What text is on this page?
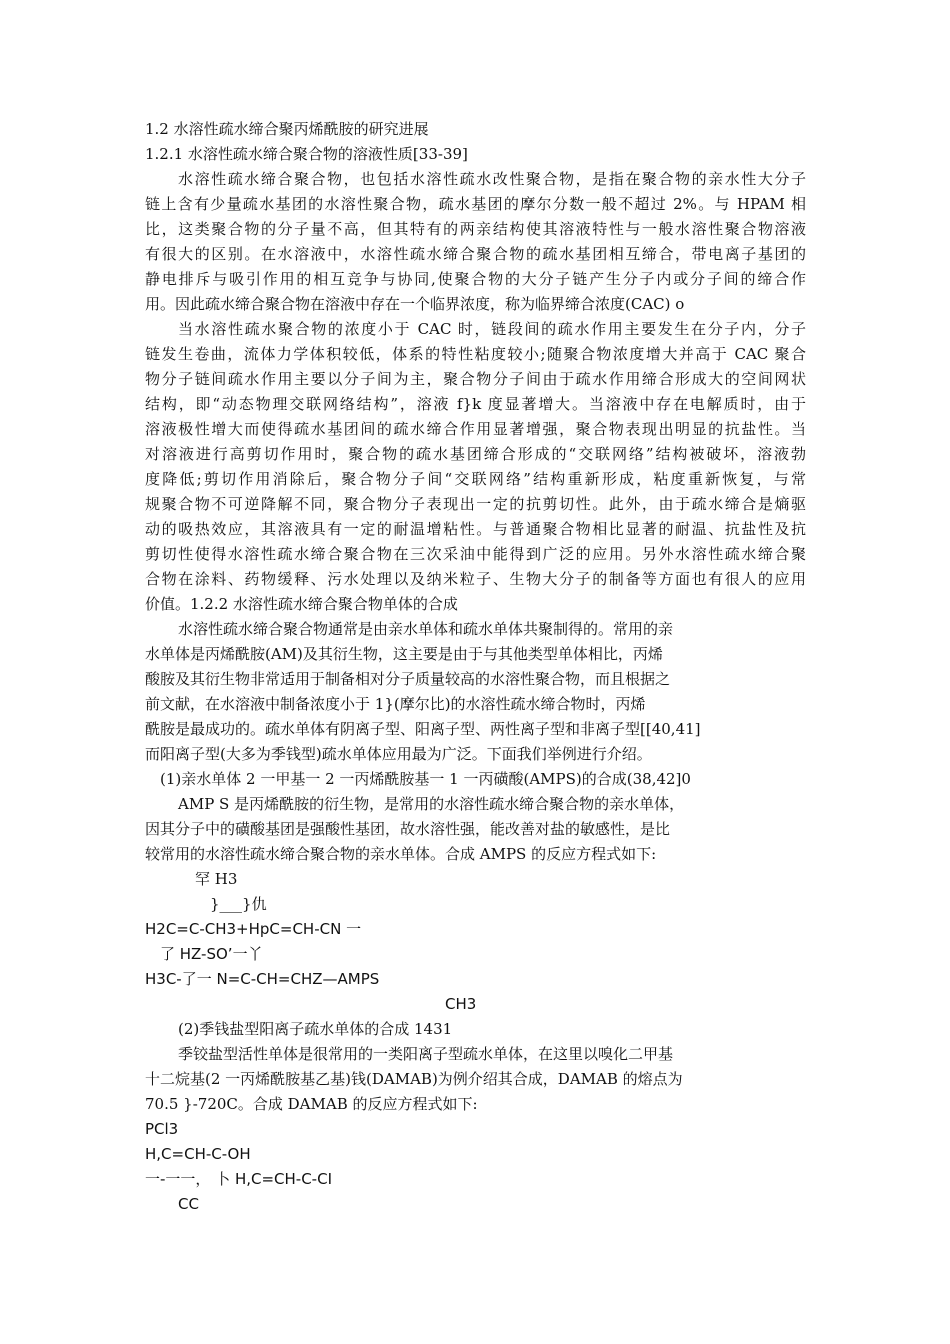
1.2 水溶性疏水缔合聚丙烯酰胺的研究进展
1.2.1 水溶性疏水缔合聚合物的溶液性质[33-39]
水溶性疏水缔合聚合物，也包括水溶性疏水改性聚合物，是指在聚合物的亲水性大分子
链上含有少量疏水基团的水溶性聚合物，疏水基团的摩尔分数一般不超过 2%。与 HPAM 相
比，这类聚合物的分子量不高，但其特有的两亲结构使其溶液特性与一般水溶性聚合物溶液
有很大的区别。在水溶液中，水溶性疏水缔合聚合物的疏水基团相互缔合，带电离子基团的
静电排斥与吸引作用的相互竞争与协同,使聚合物的大分子链产生分子内或分子间的缔合作
用。因此疏水缔合聚合物在溶液中存在一个临界浓度，称为临界缔合浓度(CAC) o
当水溶性疏水聚合物的浓度小于 CAC 时，链段间的疏水作用主要发生在分子内，分子
链发生卷曲，流体力学体积较低，体系的特性粘度较小;随聚合物浓度增大并高于 CAC 聚合
物分子链间疏水作用主要以分子间为主，聚合物分子间由于疏水作用缔合形成大的空间网状
结构，即“动态物理交联网络结构”，溶液 f}k 度显著增大。当溶液中存在电解质时，由于
溶液极性增大而使得疏水基团间的疏水缔合作用显著增强，聚合物表现出明显的抗盐性。当
对溶液进行高剪切作用时，聚合物的疏水基团缔合形成的“交联网络”结构被破坏，溶液勃
度降低;剪切作用消除后，聚合物分子间“交联网络”结构重新形成，粘度重新恢复，与常
规聚合物不可逆降解不同，聚合物分子表现出一定的抗剪切性。此外，由于疏水缔合是熵驱
动的吸热效应，其溶液具有一定的耐温增粘性。与普通聚合物相比显著的耐温、抗盐性及抗
剪切性使得水溶性疏水缔合聚合物在三次采油中能得到广泛的应用。另外水溶性疏水缔合聚
合物在涂料、药物缓释、污水处理以及纳米粒子、生物大分子的制备等方面也有很人的应用
价值。1.2.2 水溶性疏水缔合聚合物单体的合成
水溶性疏水缔合聚合物通常是由亲水单体和疏水单体共聚制得的。常用的亲
水单体是丙烯酰胺(AM)及其衍生物，这主要是由于与其他类型单体相比，丙烯
酸胺及其衍生物非常适用于制备相对分子质量较高的水溶性聚合物，而且根据之
前文献，在水溶液中制备浓度小于 1}(摩尔比)的水溶性疏水缔合物时，丙烯
酰胺是最成功的。疏水单体有阴离子型、阳离子型、两性离子型和非离子型[[40,41]
而阳离子型(大多为季钱型)疏水单体应用最为广泛。下面我们举例进行介绍。
(1)亲水单体 2 一甲基一 2 一丙烯酰胺基一 1 一丙磺酸(AMPS)的合成(38,42]0
AMP S 是丙烯酰胺的衍生物，是常用的水溶性疏水缔合聚合物的亲水单体，
因其分子中的磺酸基团是强酸性基团，故水溶性强，能改善对盐的敏感性，是比
较常用的水溶性疏水缔合聚合物的亲水单体。合成 AMPS 的反应方程式如下:
罕 H3
}___}仇
H2C=C-CH3+HpC=CH-CN 一
了 HZ-SO’一丫
H3C-了一 N=C-CH=CHZ—AMPS
CH3
(2)季钱盐型阳离子疏水单体的合成 1431
季铰盐型活性单体是很常用的一类阳离子型疏水单体，在这里以嗅化二甲基
十二烷基(2 一丙烯酰胺基乙基)钱(DAMAB)为例介绍其合成，DAMAB 的熔点为
70.5 }-720C。合成 DAMAB 的反应方程式如下:
PCl3
H,C=CH-C-OH
一-一一， 卜 H,C=CH-C-CI
CC
